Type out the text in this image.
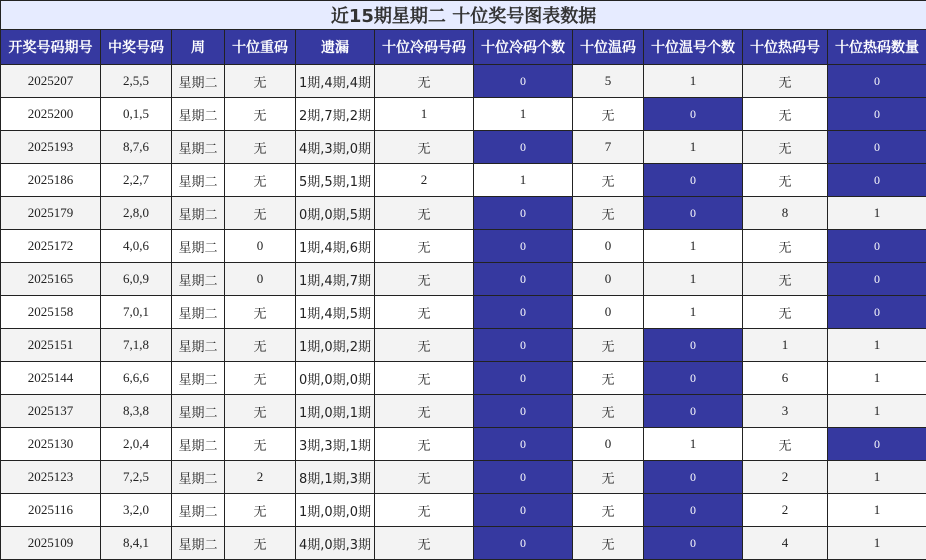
近15期星期二 十位奖号图表数据										
开奖号码期号	中奖号码	周	十位重码	遗漏	十位冷码号码	十位冷码个数	十位温码	十位温号个数	十位热码号	十位热码数量
2025207	2,5,5	星期二	无	1期,4期,4期	无	0	5	1	无	0
2025200	0,1,5	星期二	无	2期,7期,2期	1	1	无	0	无	0
2025193	8,7,6	星期二	无	4期,3期,0期	无	0	7	1	无	0
2025186	2,2,7	星期二	无	5期,5期,1期	2	1	无	0	无	0
2025179	2,8,0	星期二	无	0期,0期,5期	无	0	无	0	8	1
2025172	4,0,6	星期二	0	1期,4期,6期	无	0	0	1	无	0
2025165	6,0,9	星期二	0	1期,4期,7期	无	0	0	1	无	0
2025158	7,0,1	星期二	无	1期,4期,5期	无	0	0	1	无	0
2025151	7,1,8	星期二	无	1期,0期,2期	无	0	无	0	1	1
2025144	6,6,6	星期二	无	0期,0期,0期	无	0	无	0	6	1
2025137	8,3,8	星期二	无	1期,0期,1期	无	0	无	0	3	1
2025130	2,0,4	星期二	无	3期,3期,1期	无	0	0	1	无	0
2025123	7,2,5	星期二	2	8期,1期,3期	无	0	无	0	2	1
2025116	3,2,0	星期二	无	1期,0期,0期	无	0	无	0	2	1
2025109	8,4,1	星期二	无	4期,0期,3期	无	0	无	0	4	1
